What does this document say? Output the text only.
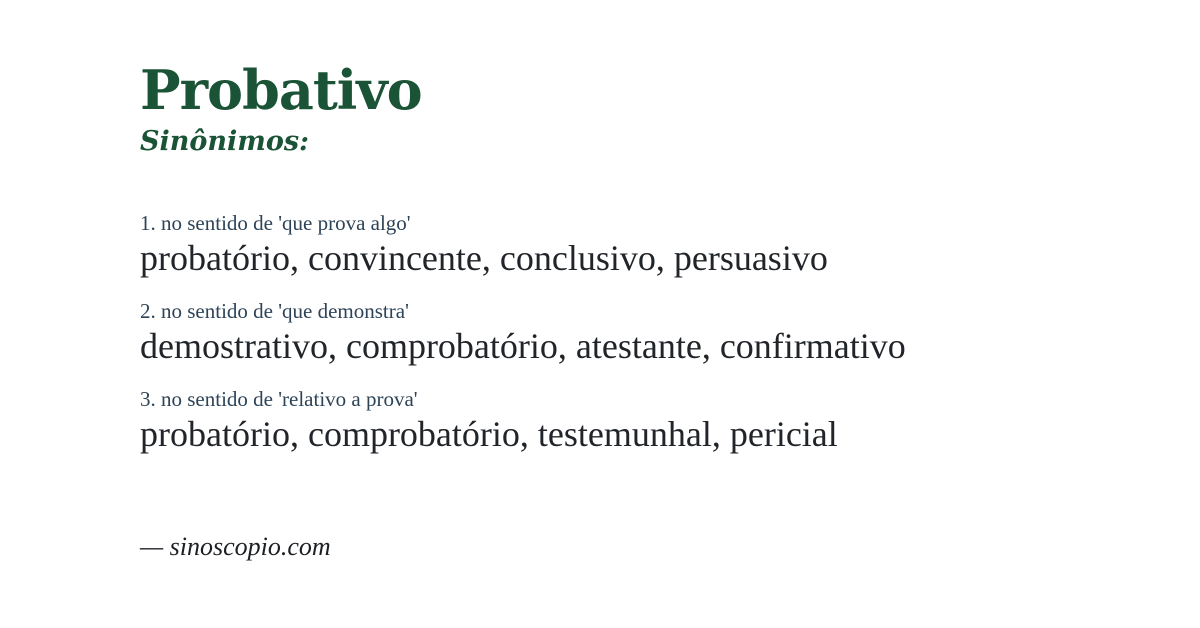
Probativo
Sinônimos:
1. no sentido de 'que prova algo'
probatório, convincente, conclusivo, persuasivo
2. no sentido de 'que demonstra'
demostrativo, comprobatório, atestante, confirmativo
3. no sentido de 'relativo a prova'
probatório, comprobatório, testemunhal, pericial
— sinoscopio.com
